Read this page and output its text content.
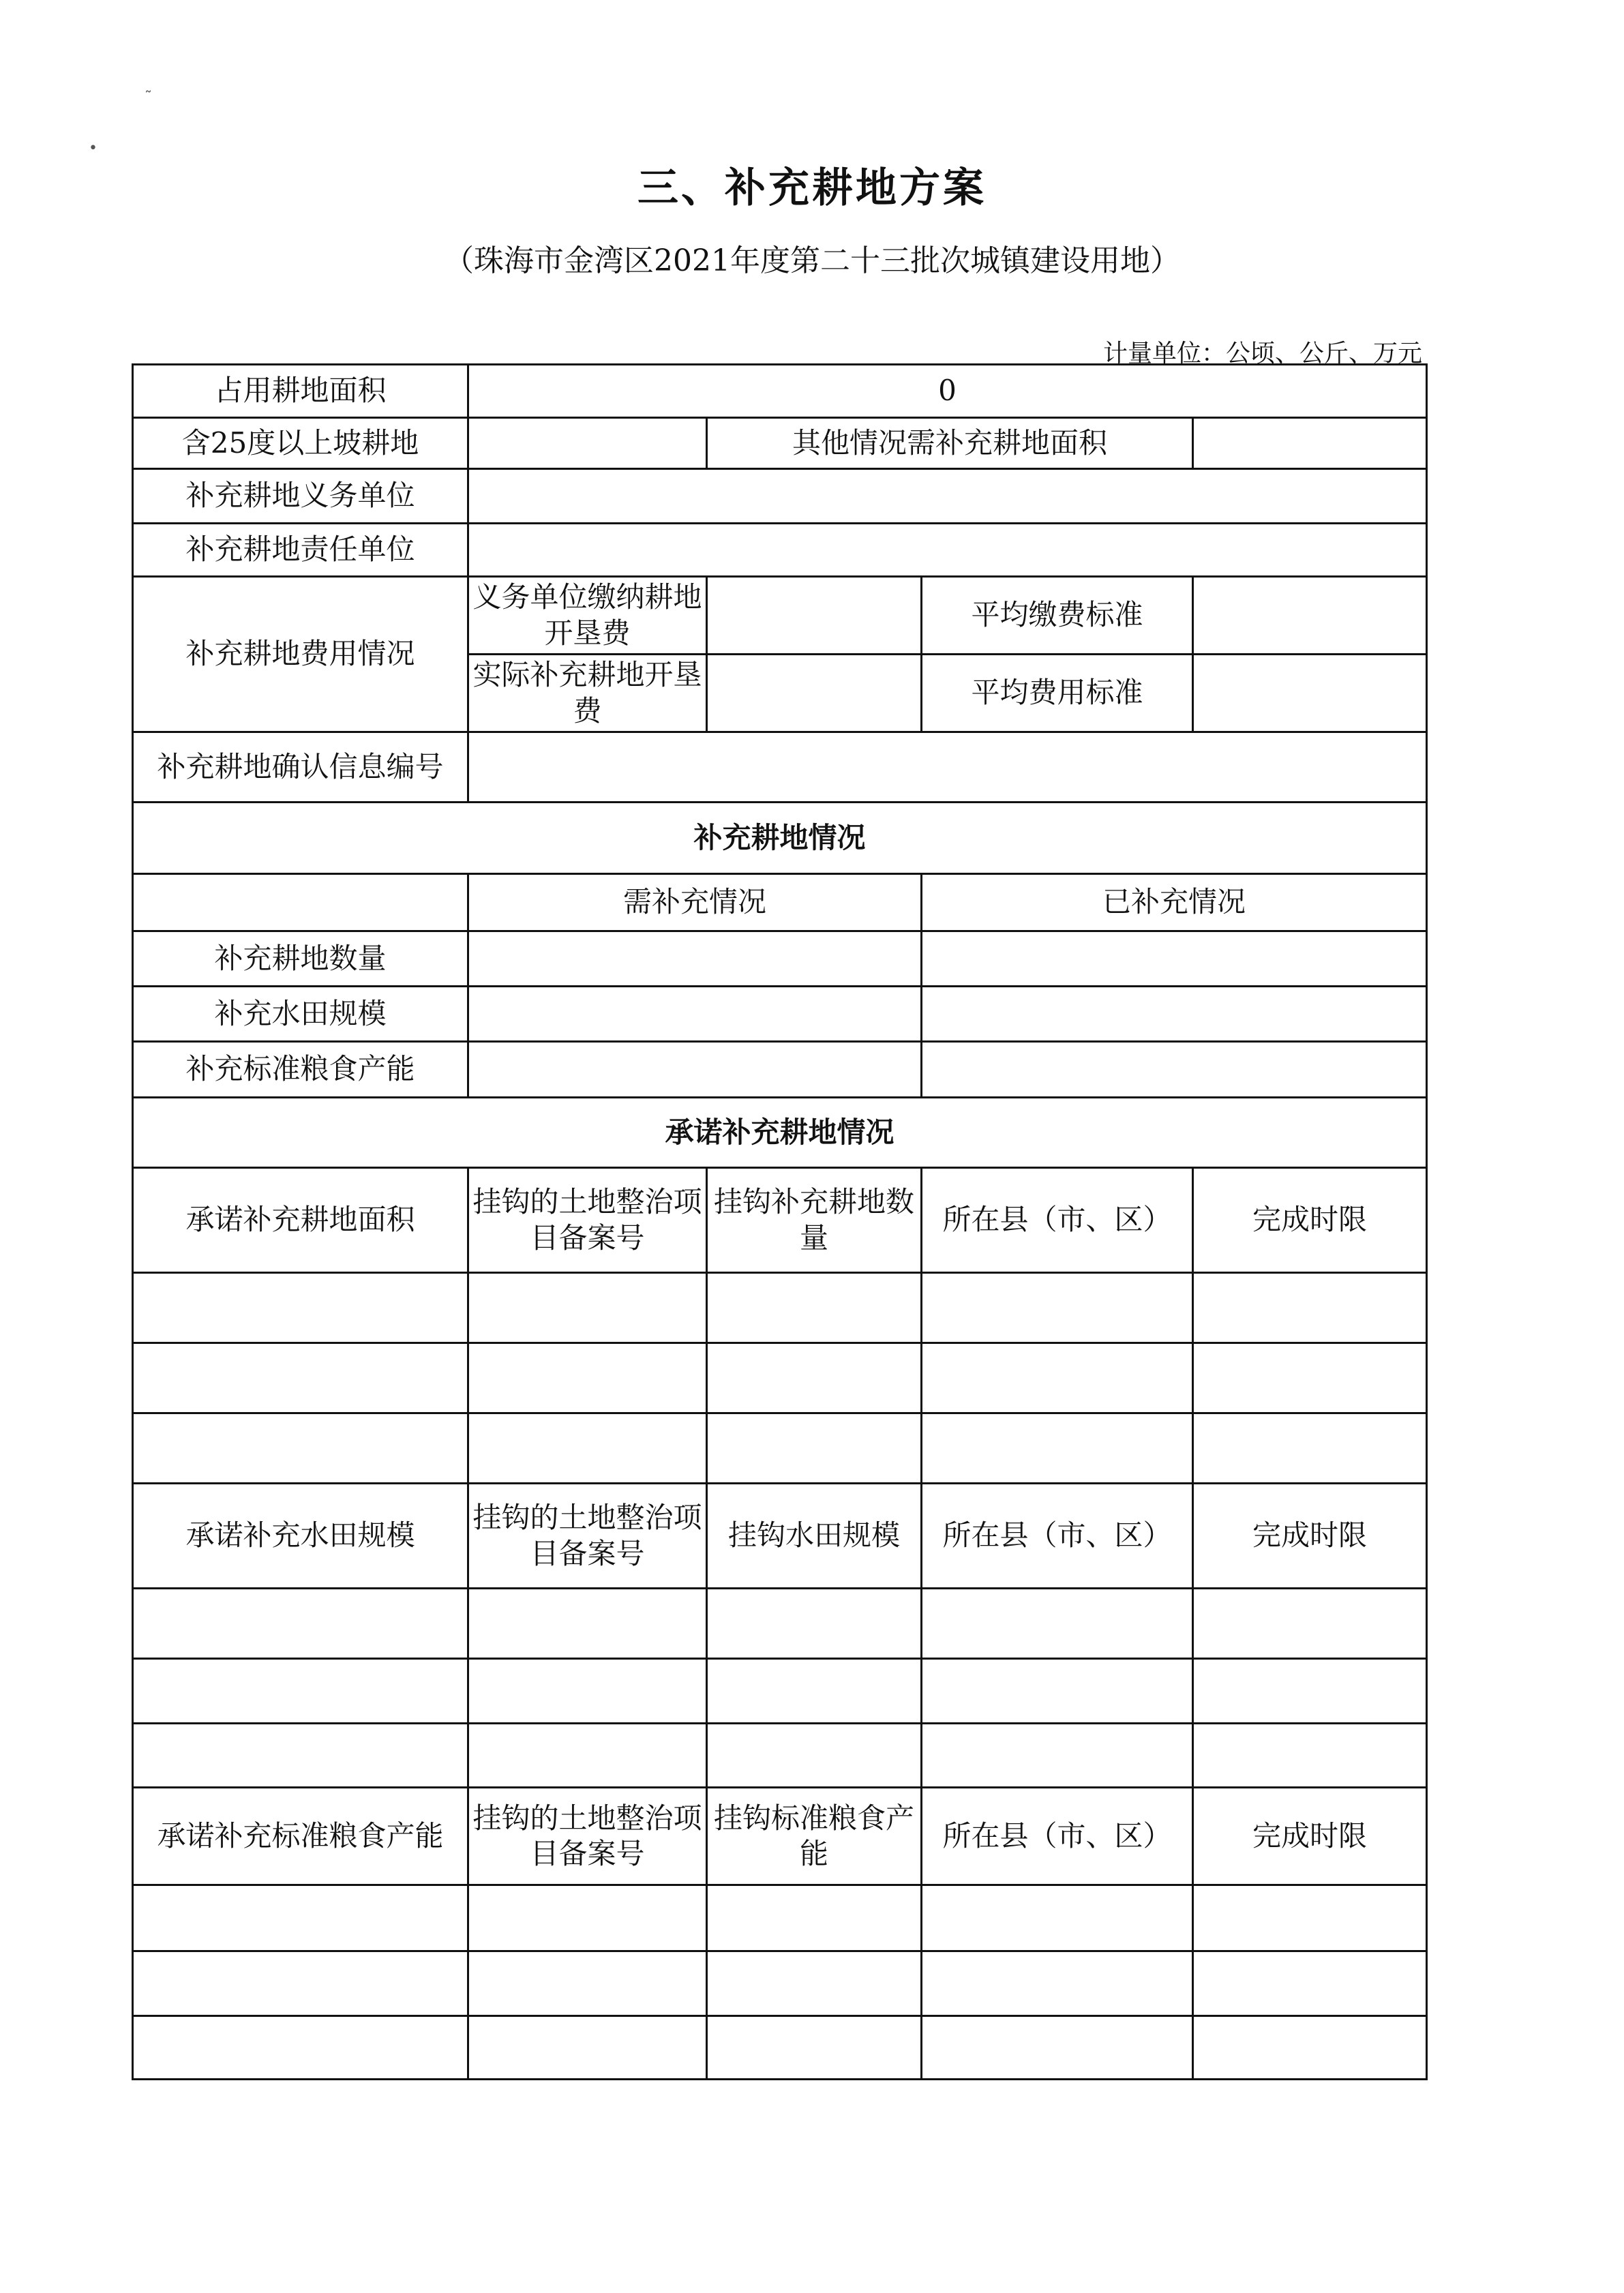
˷
•
三、补充耕地方案
（珠海市金湾区2021年度第二十三批次城镇建设用地）
计量单位：公顷、公斤、万元
占用耕地面积	0			
含25度以上坡耕地		其他情况需补充耕地面积		
补充耕地义务单位				
补充耕地责任单位				
补充耕地费用情况	义务单位缴纳耕地开垦费		平均缴费标准	
	实际补充耕地开垦费		平均费用标准	
补充耕地确认信息编号				
补充耕地情况				
	需补充情况		已补充情况	
补充耕地数量				
补充水田规模				
补充标准粮食产能				
承诺补充耕地情况				
承诺补充耕地面积	挂钩的土地整治项目备案号	挂钩补充耕地数量	所在县（市、区）	完成时限

承诺补充水田规模	挂钩的土地整治项目备案号	挂钩水田规模	所在县（市、区）	完成时限

承诺补充标准粮食产能	挂钩的土地整治项目备案号	挂钩标准粮食产能	所在县（市、区）	完成时限
